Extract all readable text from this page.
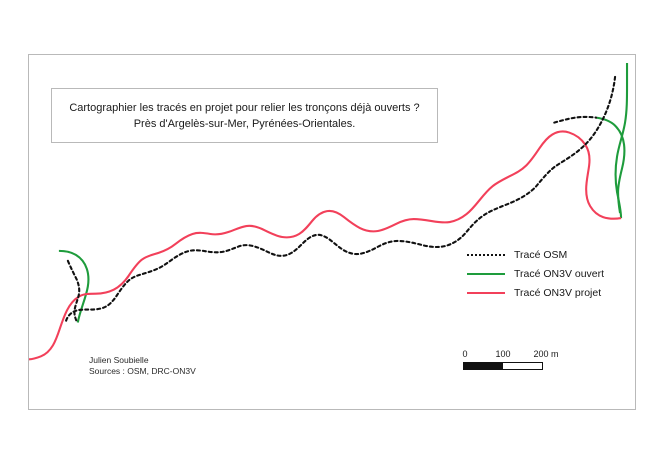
Cartographier les tracés en projet pour relier les tronçons déjà ouverts ?
Près d'Argelès-sur-Mer, Pyrénées-Orientales.
Tracé OSM
Tracé ON3V ouvert
Tracé ON3V projet
0	100	200 m
Julien Soubielle
Sources : OSM, DRC-ON3V
